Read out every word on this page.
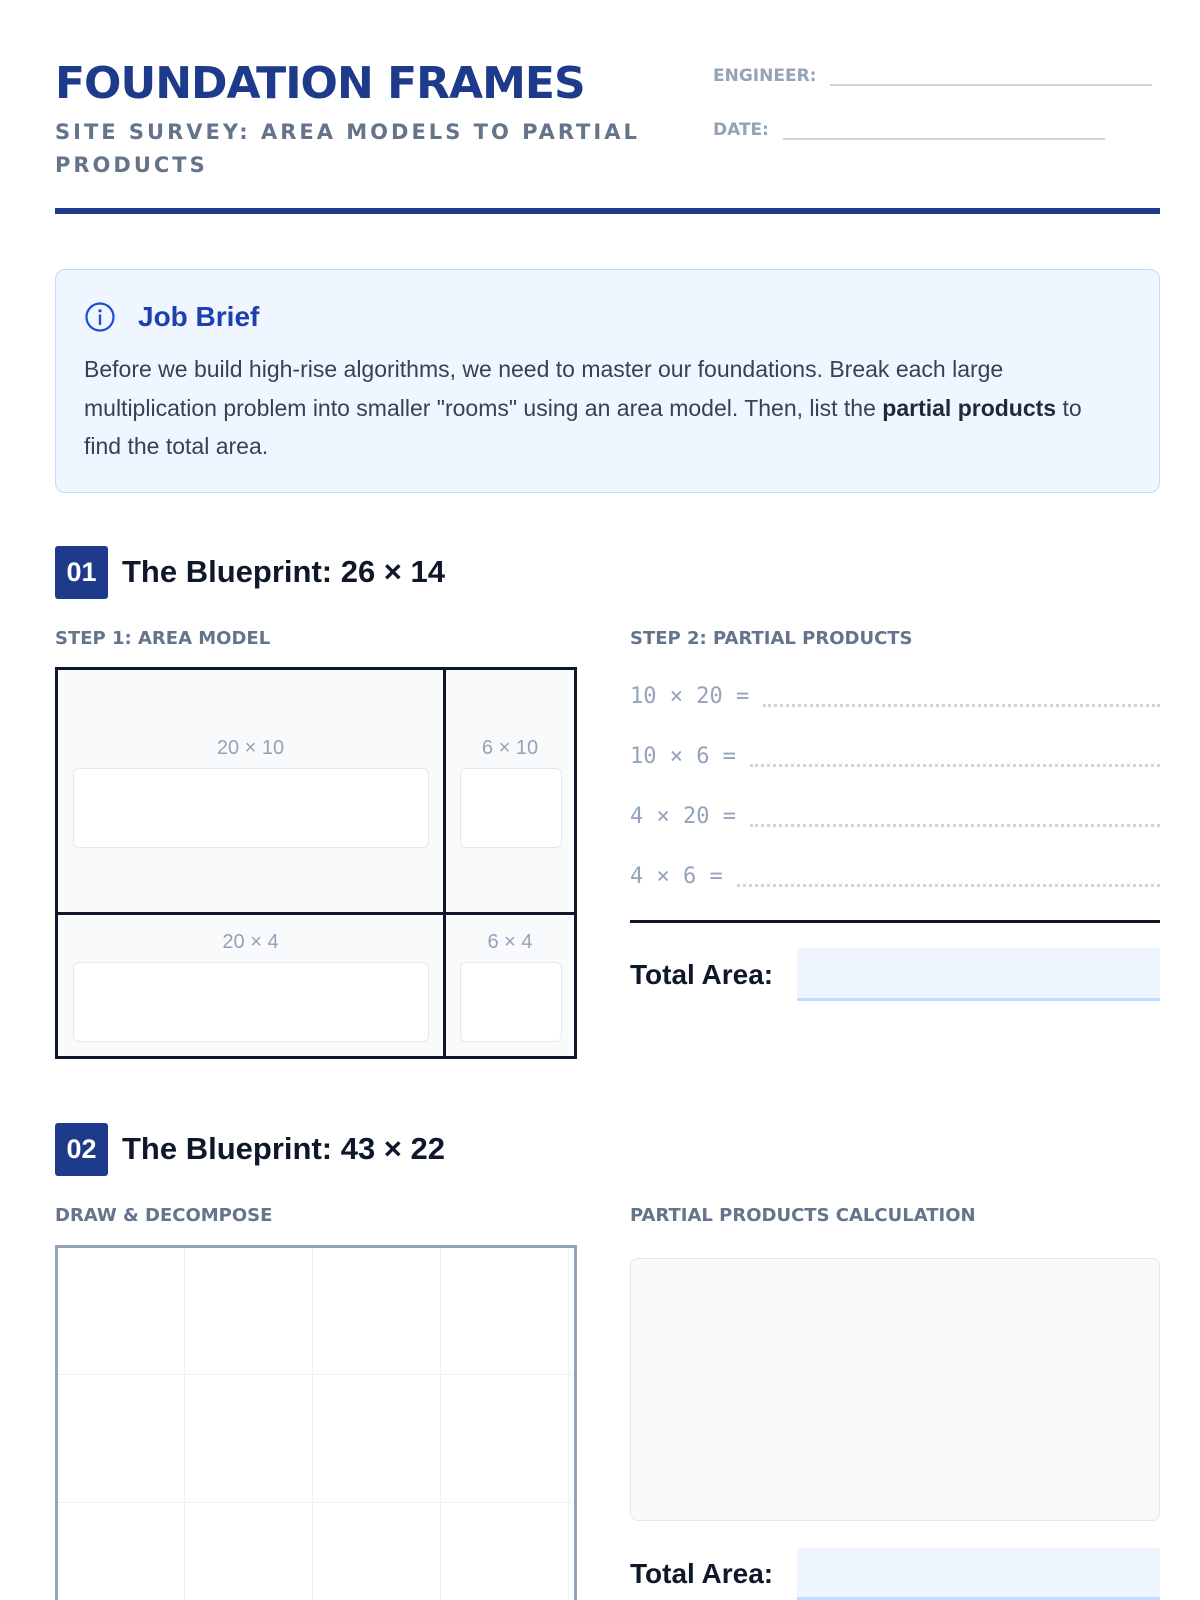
FOUNDATION FRAMES
SITE SURVEY: AREA MODELS TO PARTIAL PRODUCTS
ENGINEER:
DATE:
Job Brief
Before we build high-rise algorithms, we need to master our foundations. Break each large multiplication problem into smaller "rooms" using an area model. Then, list the partial products to find the total area.
01 The Blueprint: 26 × 14
STEP 1: AREA MODEL	STEP 2: PARTIAL PRODUCTS
20 × 10	6 × 10
20 × 4	6 × 4
10 × 20 =
10 × 6 =
4 × 20 =
4 × 6 =
Total Area:
02 The Blueprint: 43 × 22
DRAW & DECOMPOSE	PARTIAL PRODUCTS CALCULATION
Total Area:
